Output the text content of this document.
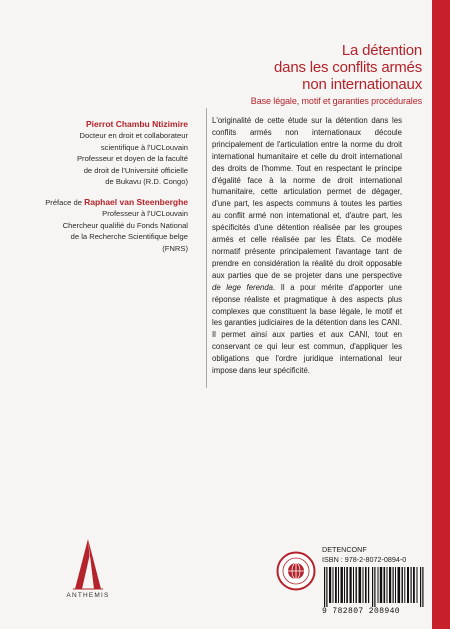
La détention
dans les conflits armés
non internationaux
Base légale, motif et garanties procédurales
Pierrot Chambu Ntizimire
Docteur en droit et collaborateur
scientifique à l'UCLouvain
Professeur et doyen de la faculté
de droit de l'Université officielle
de Bukavu (R.D. Congo)
Préface de Raphael van Steenberghe
Professeur à l'UCLouvain
Chercheur qualifié du Fonds National
de la Recherche Scientifique belge
(FNRS)

L'originalité de cette étude sur la détention dans les conflits armés non internationaux découle principalement de l'articulation entre la norme du droit international humanitaire et celle du droit international des droits de l'homme. Tout en respectant le principe d'égalité face à la norme de droit international humanitaire, cette articulation permet de dégager, d'une part, les aspects communs à toutes les parties au conflit armé non international et, d'autre part, les spécificités d'une détention réalisée par les groupes armés et celle réalisée par les États. Ce modèle normatif présente principalement l'avantage tant de prendre en considération la réalité du droit opposable aux parties que de se projeter dans une perspective de lege ferenda. Il a pour mérite d'apporter une réponse réaliste et pragmatique à des aspects plus complexes que constituent la base légale, le motif et les garanties judiciaires de la détention dans les CANI. Il permet ainsi aux parties et aux CANI, tout en conservant ce qui leur est commun, d'appliquer les obligations que l'ordre juridique international leur impose dans leur spécificité.

ANTHEMIS
DETENCONF
ISBN : 978-2-8072-0894-0
9 782807 208940
